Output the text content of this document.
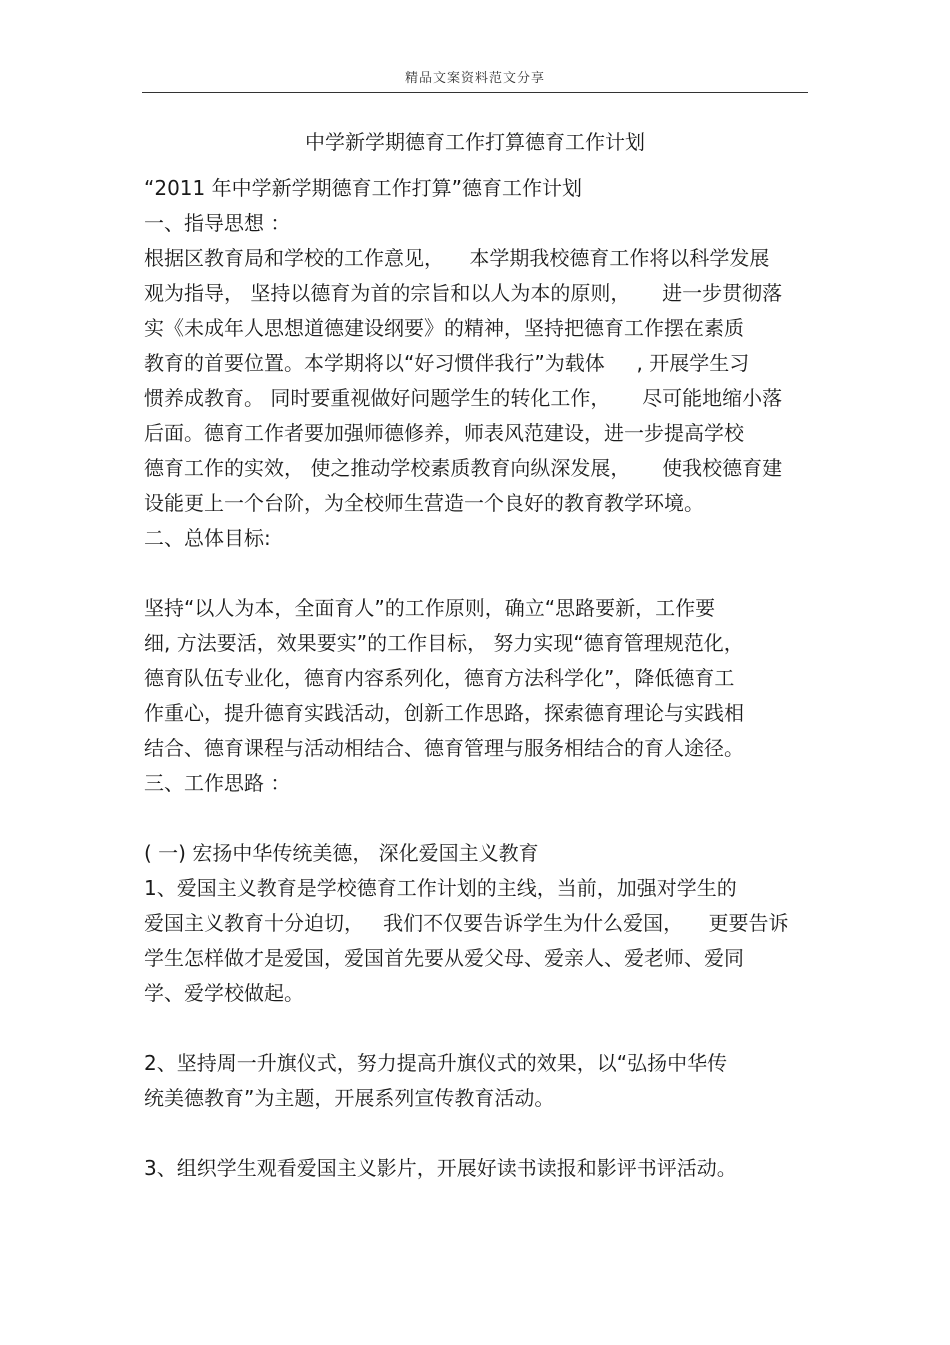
精品文案资料范文分享
中学新学期德育工作打算德育工作计划
“2011 年中学新学期德育工作打算”德育工作计划
一、指导思想 ：
根据区教育局和学校的工作意见，    本学期我校德育工作将以科学发展
观为指导， 坚持以德育为首的宗旨和以人为本的原则，     进一步贯彻落
实《未成年人思想道德建设纲要》的精神，坚持把德育工作摆在素质
教育的首要位置。本学期将以“好习惯伴我行”为载体     , 开展学生习
惯养成教育。 同时要重视做好问题学生的转化工作，     尽可能地缩小落
后面。德育工作者要加强师德修养，师表风范建设，进一步提高学校
德育工作的实效， 使之推动学校素质教育向纵深发展，     使我校德育建
设能更上一个台阶，为全校师生营造一个良好的教育教学环境。
二、总体目标:
坚持“以人为本，全面育人”的工作原则，确立“思路要新，工作要
细, 方法要活，效果要实”的工作目标， 努力实现“德育管理规范化，
德育队伍专业化，德育内容系列化，德育方法科学化”，降低德育工
作重心，提升德育实践活动，创新工作思路，探索德育理论与实践相
结合、德育课程与活动相结合、德育管理与服务相结合的育人途径。
三、工作思路 ：
( 一) 宏扬中华传统美德， 深化爱国主义教育
1、爱国主义教育是学校德育工作计划的主线，当前，加强对学生的
爱国主义教育十分迫切，   我们不仅要告诉学生为什么爱国，    更要告诉
学生怎样做才是爱国，爱国首先要从爱父母、爱亲人、爱老师、爱同
学、爱学校做起。
2、坚持周一升旗仪式，努力提高升旗仪式的效果，以“弘扬中华传
统美德教育”为主题，开展系列宣传教育活动。
3、组织学生观看爱国主义影片，开展好读书读报和影评书评活动。
